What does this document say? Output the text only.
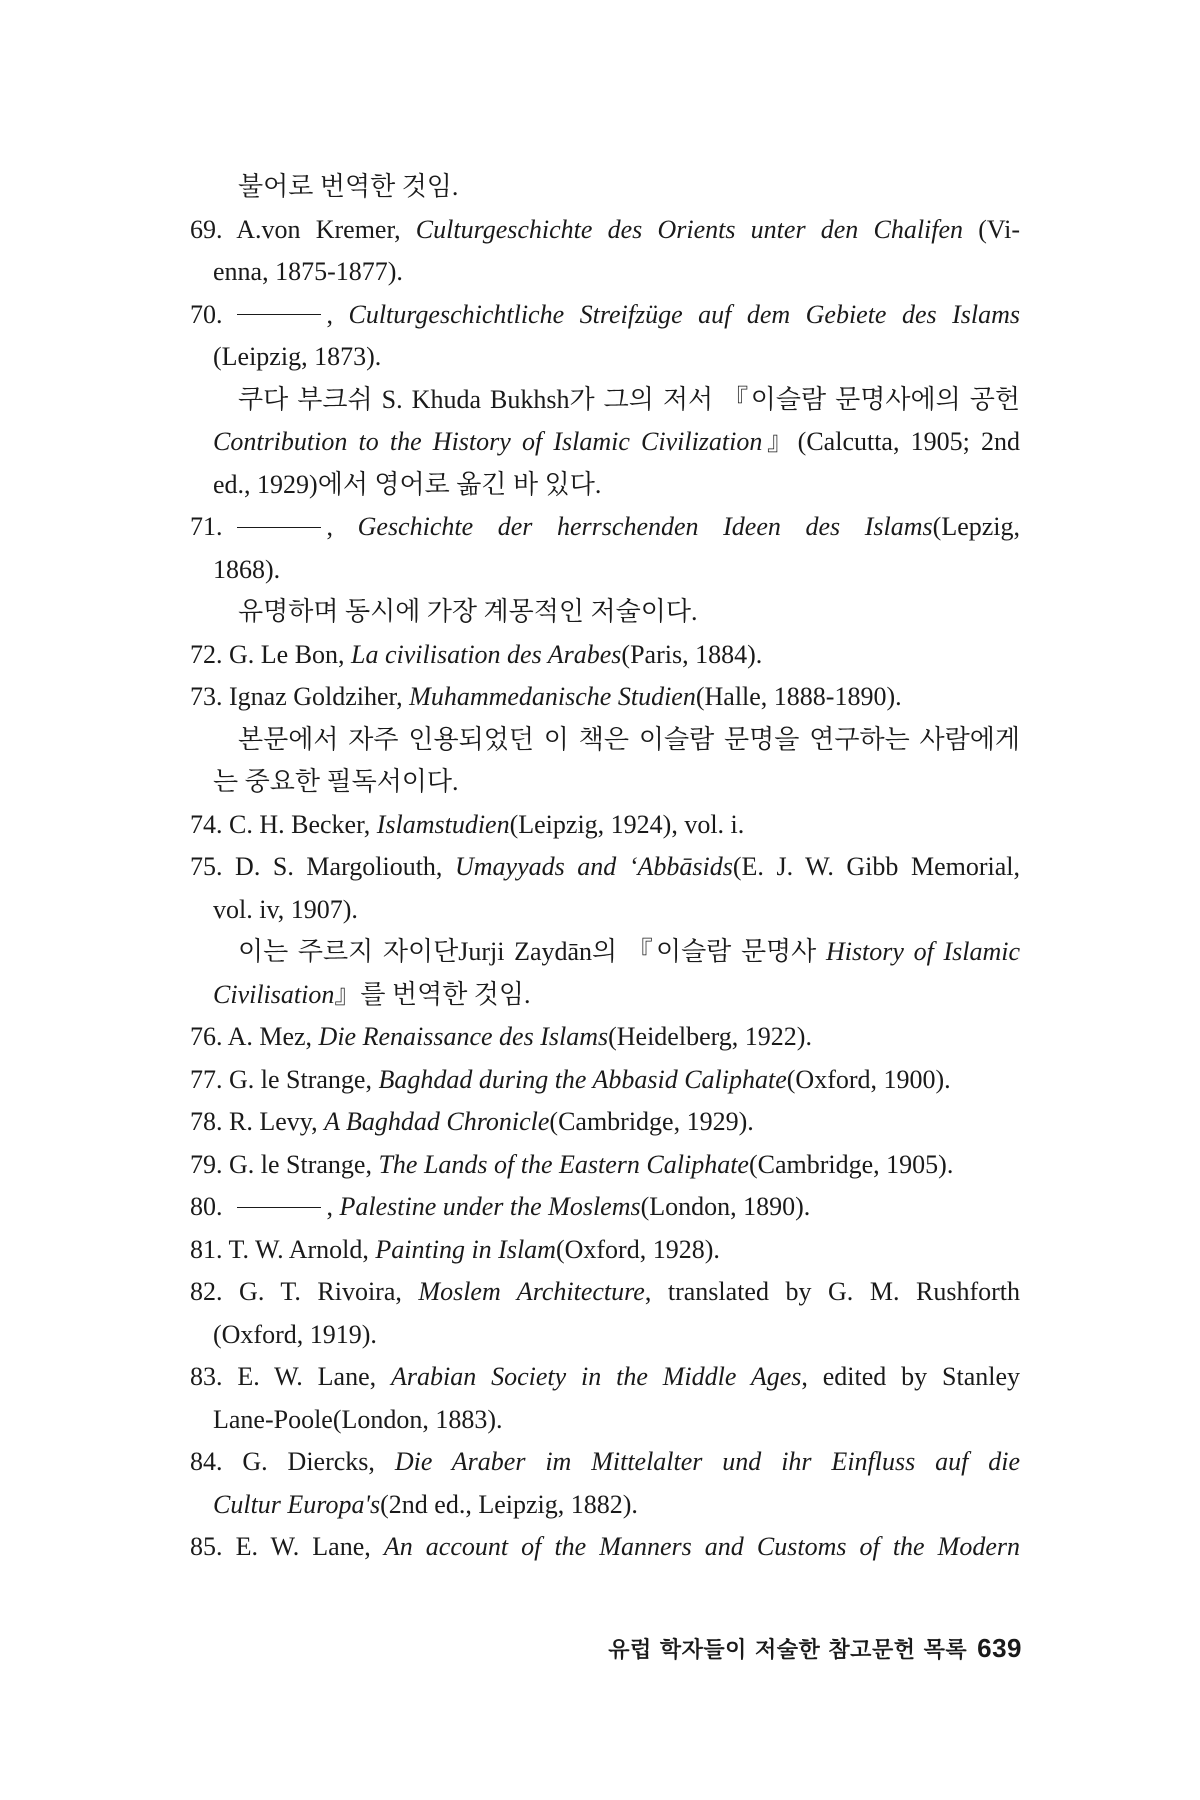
불어로 번역한 것임.
69. A.von Kremer, Culturgeschichte des Orients unter den Chalifen (Vi-
enna, 1875-1877).
70.	, Culturgeschichtliche Streifzüge auf dem Gebiete des Islams
(Leipzig, 1873).
쿠다 부크쉬 S. Khuda Bukhsh가 그의 저서 『이슬람 문명사에의 공헌
Contribution to the History of Islamic Civilization』(Calcutta, 1905; 2nd
ed., 1929)에서 영어로 옮긴 바 있다.
71.	, Geschichte der herrschenden Ideen des Islams(Lepzig,
1868).
유명하며 동시에 가장 계몽적인 저술이다.
72. G. Le Bon, La civilisation des Arabes(Paris, 1884).
73. Ignaz Goldziher, Muhammedanische Studien(Halle, 1888-1890).
본문에서 자주 인용되었던 이 책은 이슬람 문명을 연구하는 사람에게
는 중요한 필독서이다.
74. C. H. Becker, Islamstudien(Leipzig, 1924), vol. i.
75. D. S. Margoliouth, Umayyads and ‘Abbāsids(E. J. W. Gibb Memorial,
vol. iv, 1907).
이는 주르지 자이단Jurji Zaydān의 『이슬람 문명사 History of Islamic
Civilisation』를 번역한 것임.
76. A. Mez, Die Renaissance des Islams(Heidelberg, 1922).
77. G. le Strange, Baghdad during the Abbasid Caliphate(Oxford, 1900).
78. R. Levy, A Baghdad Chronicle(Cambridge, 1929).
79. G. le Strange, The Lands of the Eastern Caliphate(Cambridge, 1905).
80.	, Palestine under the Moslems(London, 1890).
81. T. W. Arnold, Painting in Islam(Oxford, 1928).
82. G. T. Rivoira, Moslem Architecture, translated by G. M. Rushforth
(Oxford, 1919).
83. E. W. Lane, Arabian Society in the Middle Ages, edited by Stanley
Lane-Poole(London, 1883).
84. G. Diercks, Die Araber im Mittelalter und ihr Einfluss auf die
Cultur Europa's(2nd ed., Leipzig, 1882).
85. E. W. Lane, An account of the Manners and Customs of the Modern
유럽 학자들이 저술한 참고문헌 목록 639
